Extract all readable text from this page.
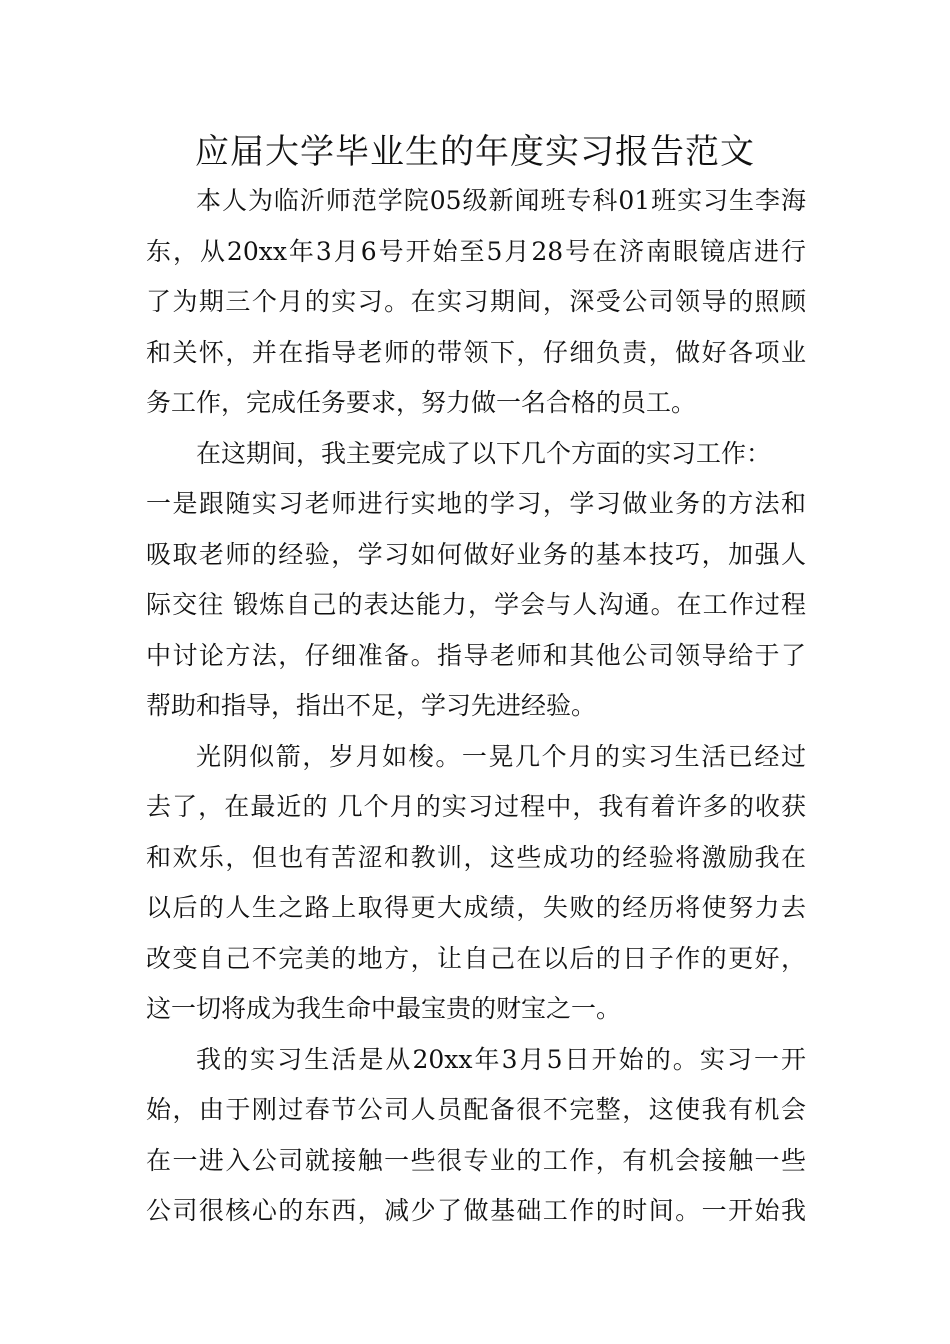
应届大学毕业生的年度实习报告范文
本人为临沂师范学院05级新闻班专科01班实习生李海
东，从20xx年3月6号开始至5月28号在济南眼镜店进行
了为期三个月的实习。在实习期间，深受公司领导的照顾
和关怀，并在指导老师的带领下，仔细负责，做好各项业
务工作，完成任务要求，努力做一名合格的员工。
在这期间，我主要完成了以下几个方面的实习工作：
一是跟随实习老师进行实地的学习，学习做业务的方法和
吸取老师的经验，学习如何做好业务的基本技巧，加强人
际交往 锻炼自己的表达能力，学会与人沟通。在工作过程
中讨论方法，仔细准备。指导老师和其他公司领导给于了
帮助和指导，指出不足，学习先进经验。
光阴似箭，岁月如梭。一晃几个月的实习生活已经过
去了，在最近的 几个月的实习过程中，我有着许多的收获
和欢乐，但也有苦涩和教训，这些成功的经验将激励我在
以后的人生之路上取得更大成绩，失败的经历将使努力去
改变自己不完美的地方，让自己在以后的日子作的更好，
这一切将成为我生命中最宝贵的财宝之一。
我的实习生活是从20xx年3月5日开始的。实习一开
始，由于刚过春节公司人员配备很不完整，这使我有机会
在一进入公司就接触一些很专业的工作，有机会接触一些
公司很核心的东西，减少了做基础工作的时间。一开始我
